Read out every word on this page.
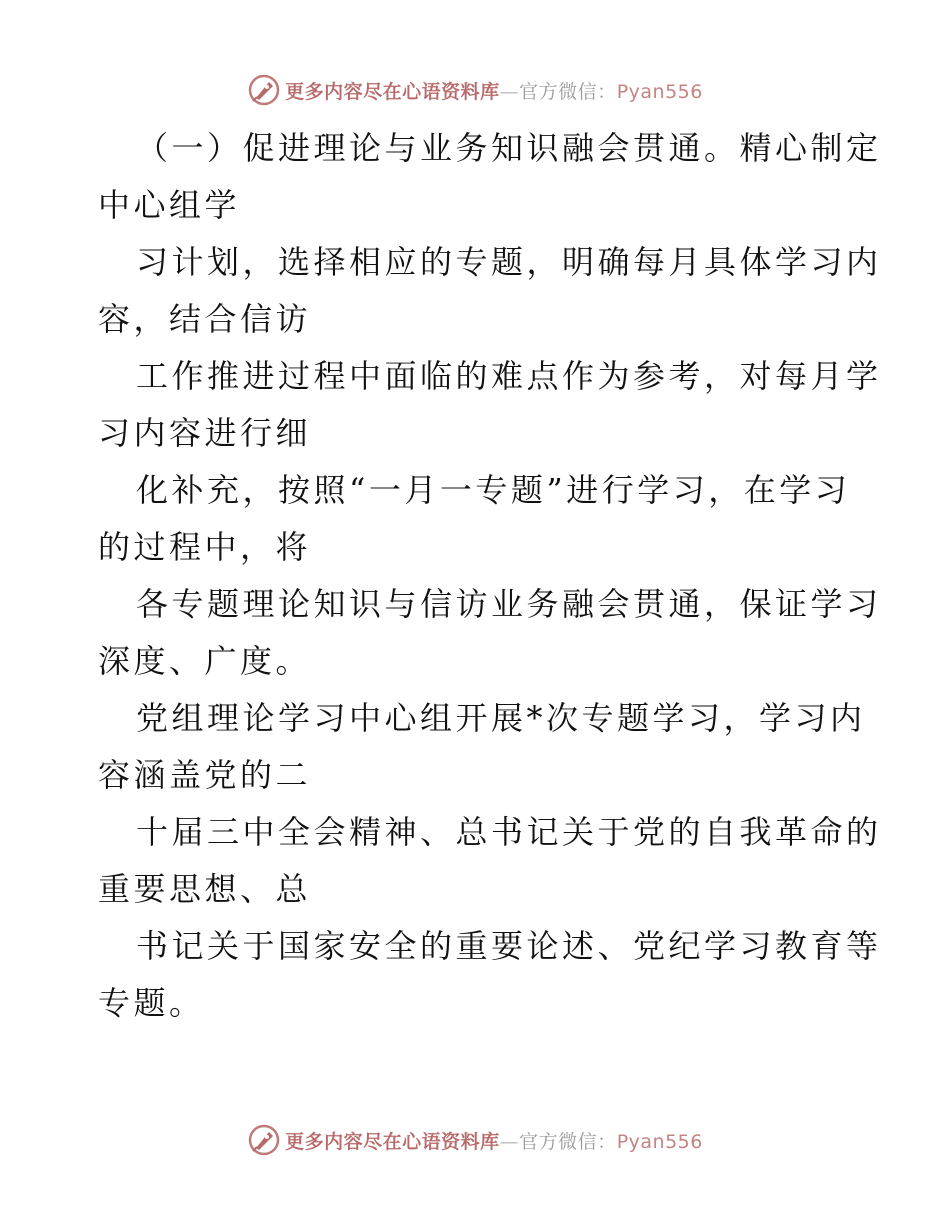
更多内容尽在心语资料库—官方微信：Pyan556

（一）促进理论与业务知识融会贯通。精心制定
中心组学

习计划，选择相应的专题，明确每月具体学习内
容，结合信访

工作推进过程中面临的难点作为参考，对每月学
习内容进行细

化补充，按照“一月一专题”进行学习，在学习
的过程中，将

各专题理论知识与信访业务融会贯通，保证学习
深度、广度。

党组理论学习中心组开展*次专题学习，学习内
容涵盖党的二

十届三中全会精神、总书记关于党的自我革命的
重要思想、总

书记关于国家安全的重要论述、党纪学习教育等
专题。

更多内容尽在心语资料库—官方微信：Pyan556
